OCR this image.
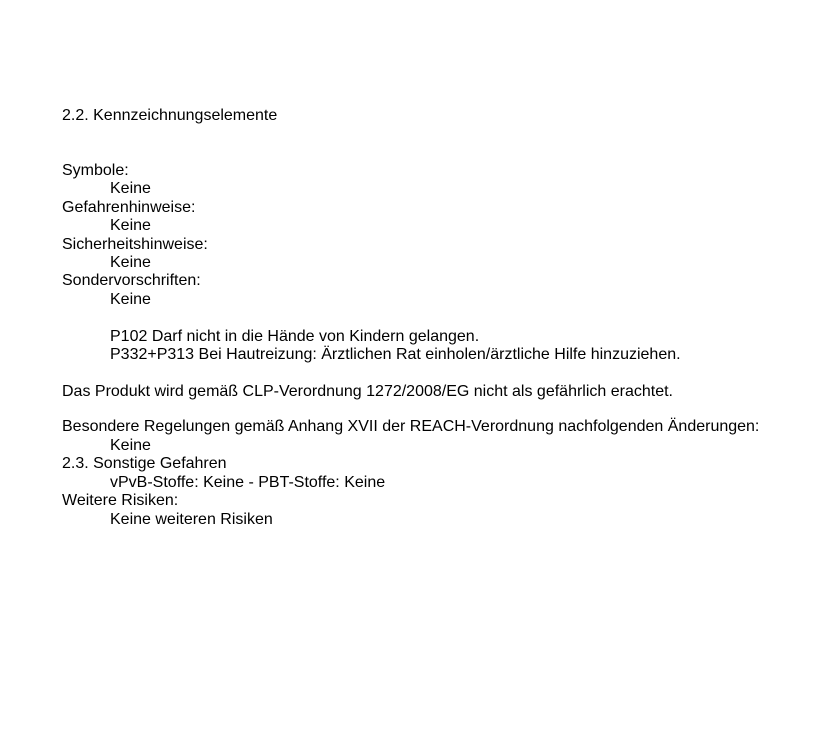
2.2. Kennzeichnungselemente
Symbole:
Keine
Gefahrenhinweise:
Keine
Sicherheitshinweise:
Keine
Sondervorschriften:
Keine
P102 Darf nicht in die Hände von Kindern gelangen.
P332+P313 Bei Hautreizung: Ärztlichen Rat einholen/ärztliche Hilfe hinzuziehen.
Das Produkt wird gemäß CLP-Verordnung 1272/2008/EG nicht als gefährlich erachtet.
Besondere Regelungen gemäß Anhang XVII der REACH-Verordnung nachfolgenden Änderungen:
Keine
2.3. Sonstige Gefahren
vPvB-Stoffe: Keine - PBT-Stoffe: Keine
Weitere Risiken:
Keine weiteren Risiken
